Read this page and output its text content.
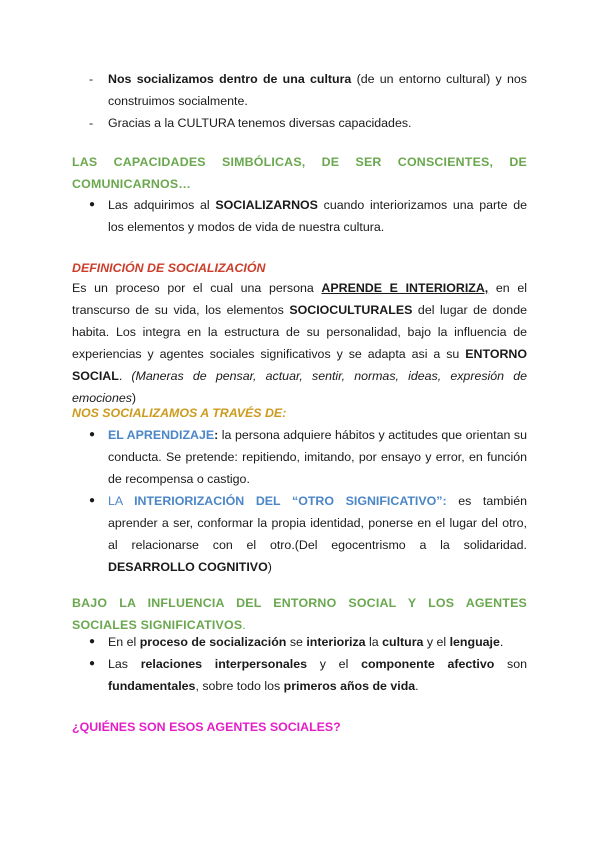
- Nos socializamos dentro de una cultura (de un entorno cultural) y nos construimos socialmente.
- Gracias a la CULTURA tenemos diversas capacidades.
LAS CAPACIDADES SIMBÓLICAS, DE SER CONSCIENTES, DE COMUNICARNOS…
● Las adquirimos al SOCIALIZARNOS cuando interiorizamos una parte de los elementos y modos de vida de nuestra cultura.
DEFINICIÓN DE SOCIALIZACIÓN
Es un proceso por el cual una persona APRENDE E INTERIORIZA, en el transcurso de su vida, los elementos SOCIOCULTURALES del lugar de donde habita. Los integra en la estructura de su personalidad, bajo la influencia de experiencias y agentes sociales significativos y se adapta asi a su ENTORNO SOCIAL. (Maneras de pensar, actuar, sentir, normas, ideas, expresión de emociones)
NOS SOCIALIZAMOS A TRAVÉS DE:
● EL APRENDIZAJE: la persona adquiere hábitos y actitudes que orientan su conducta. Se pretende: repitiendo, imitando, por ensayo y error, en función de recompensa o castigo.
● LA INTERIORIZACIÓN DEL “OTRO SIGNIFICATIVO”: es también aprender a ser, conformar la propia identidad, ponerse en el lugar del otro, al relacionarse con el otro.(Del egocentrismo a la solidaridad. DESARROLLO COGNITIVO)
BAJO LA INFLUENCIA DEL ENTORNO SOCIAL Y LOS AGENTES SOCIALES SIGNIFICATIVOS.
● En el proceso de socialización se interioriza la cultura y el lenguaje.
● Las relaciones interpersonales y el componente afectivo son fundamentales, sobre todo los primeros años de vida.
¿QUIÉNES SON ESOS AGENTES SOCIALES?
